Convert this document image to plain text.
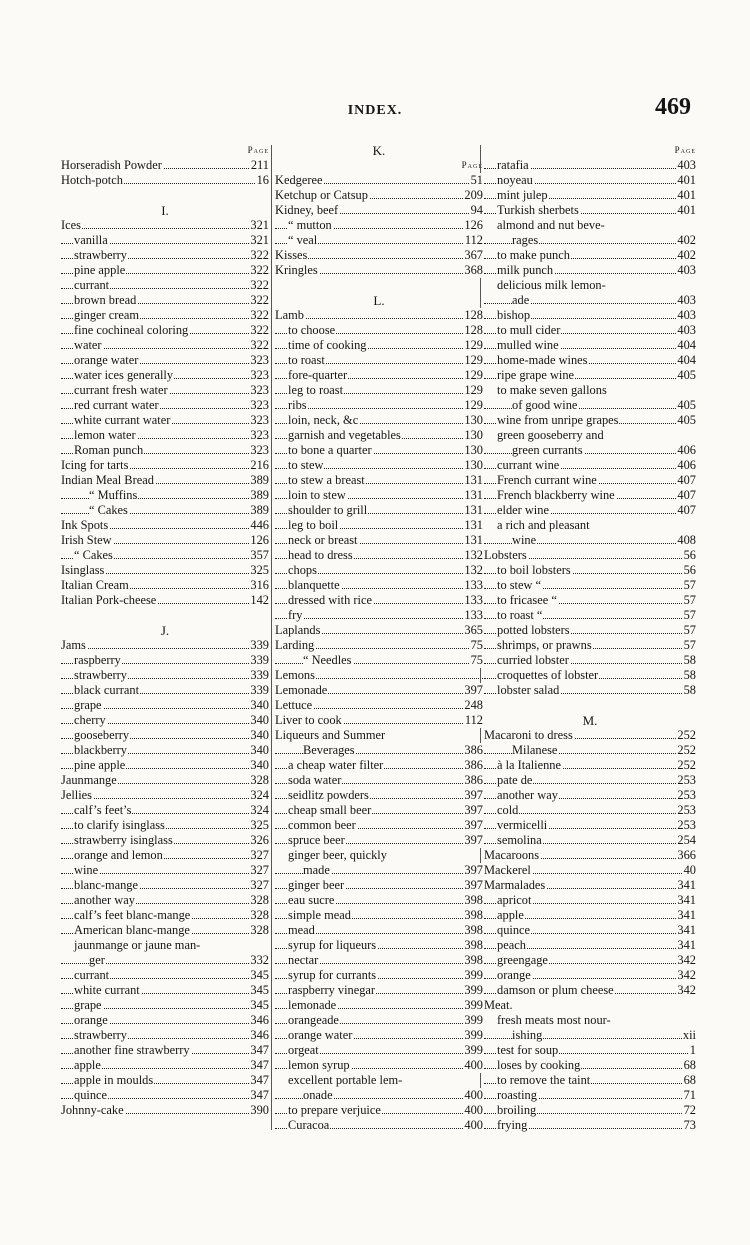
INDEX.	469
Page
Horseradish Powder	211
Hotch-potch	16
I.
Ices	321
vanilla	321
strawberry	322
pine apple	322
currant	322
brown bread	322
ginger cream	322
fine cochineal coloring	322
water	322
orange water	323
water ices generally	323
currant fresh water	323
red currant water	323
white currant water	323
lemon water	323
Roman punch	323
Icing for tarts	216
Indian Meal Bread	389
“ Muffins	389
“ Cakes	389
Ink Spots	446
Irish Stew	126
“ Cakes	357
Isinglass	325
Italian Cream	316
Italian Pork-cheese	142
J.
Jams	339
raspberry	339
strawberry	339
black currant	339
grape	340
cherry	340
gooseberry	340
blackberry	340
pine apple	340
Jaunmange	328
Jellies	324
calf’s feet’s	324
to clarify isinglass	325
strawberry isinglass	326
orange and lemon	327
wine	327
blanc-mange	327
another way	328
calf’s feet blanc-mange	328
American blanc-mange	328
jaunmange or jaune man-
ger	332
currant	345
white currant	345
grape	345
orange	346
strawberry	346
another fine strawberry	347
apple	347
apple in moulds	347
quince	347
Johnny-cake	390
K.
Page
Kedgeree	51
Ketchup or Catsup	209
Kidney, beef	94
“ mutton	126
“ veal	112
Kisses	367
Kringles	368
L.
Lamb	128
to choose	128
time of cooking	129
to roast	129
fore-quarter	129
leg to roast	129
ribs	129
loin, neck, &c	130
garnish and vegetables	130
to bone a quarter	130
to stew	130
to stew a breast	131
loin to stew	131
shoulder to grill	131
leg to boil	131
neck or breast	131
head to dress	132
chops	132
blanquette	133
dressed with rice	133
fry	133
Laplands	365
Larding	75
“ Needles	75
Lemons
Lemonade	397
Lettuce	248
Liver to cook	112
Liqueurs and Summer
Beverages	386
a cheap water filter	386
soda water	386
seidlitz powders	397
cheap small beer	397
common beer	397
spruce beer	397
ginger beer, quickly
made	397
ginger beer	397
eau sucre	398
simple mead	398
mead	398
syrup for liqueurs	398
nectar	398
syrup for currants	399
raspberry vinegar	399
lemonade	399
orangeade	399
orange water	399
orgeat	399
lemon syrup	400
excellent portable lem-
onade	400
to prepare verjuice	400
Curacoa	400
Page
ratafia	403
noyeau	401
mint julep	401
Turkish sherbets	401
almond and nut beve-
rages	402
to make punch	402
milk punch	403
delicious milk lemon-
ade	403
bishop	403
to mull cider	403
mulled wine	404
home-made wines	404
ripe grape wine	405
to make seven gallons
of good wine	405
wine from unripe grapes	405
green gooseberry and
green currants	406
currant wine	406
French currant wine	407
French blackberry wine	407
elder wine	407
a rich and pleasant
wine	408
Lobsters	56
to boil lobsters	56
to stew “	57
to fricasee “	57
to roast “	57
potted lobsters	57
shrimps, or prawns	57
curried lobster	58
croquettes of lobster	58
lobster salad	58
M.
Macaroni to dress	252
Milanese	252
à la Italienne	252
pate de	253
another way	253
cold	253
vermicelli	253
semolina	254
Macaroons	366
Mackerel	40
Marmalades	341
apricot	341
apple	341
quince	341
peach	341
greengage	342
orange	342
damson or plum cheese	342
Meat.
fresh meats most nour-
ishing	xii
test for soup	1
loses by cooking	68
to remove the taint	68
roasting	71
broiling	72
frying	73
